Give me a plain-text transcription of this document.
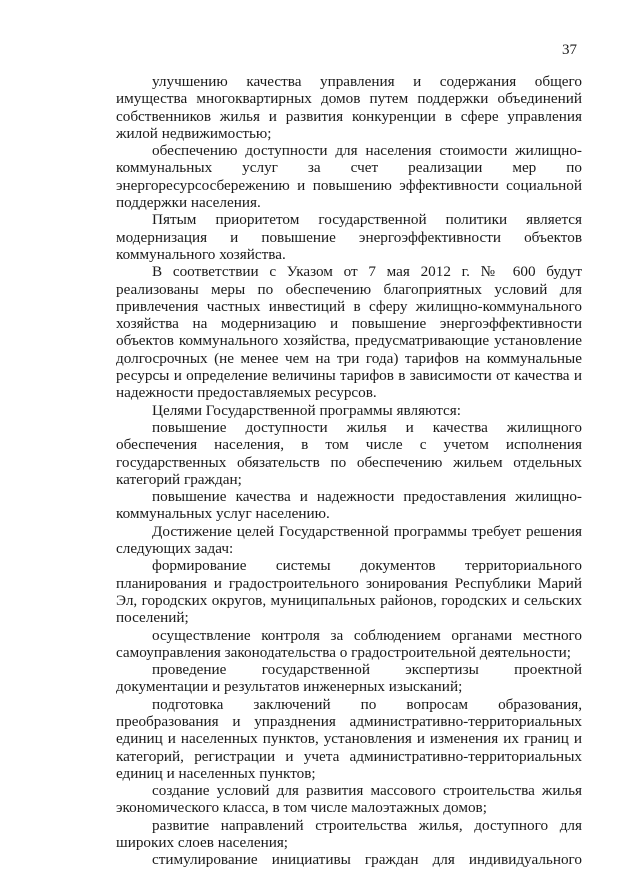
37

улучшению качества управления и содержания общего имущества многоквартирных домов путем поддержки объединений собственников жилья и развития конкуренции в сфере управления жилой недвижимостью;

обеспечению доступности для населения стоимости жилищно-коммунальных услуг за счет реализации мер по энергоресурсосбережению и повышению эффективности социальной поддержки населения.

Пятым приоритетом государственной политики является модернизация и повышение энергоэффективности объектов коммунального хозяйства.

В соответствии с Указом от 7 мая 2012 г. № 600 будут реализованы меры по обеспечению благоприятных условий для привлечения частных инвестиций в сферу жилищно-коммунального хозяйства на модернизацию и повышение энергоэффективности объектов коммунального хозяйства, предусматривающие установление долгосрочных (не менее чем на три года) тарифов на коммунальные ресурсы и определение величины тарифов в зависимости от качества и надежности предоставляемых ресурсов.

Целями Государственной программы являются:

повышение доступности жилья и качества жилищного обеспечения населения, в том числе с учетом исполнения государственных обязательств по обеспечению жильем отдельных категорий граждан;

повышение качества и надежности предоставления жилищно-коммунальных услуг населению.

Достижение целей Государственной программы требует решения следующих задач:

формирование системы документов территориального планирования и градостроительного зонирования Республики Марий Эл, городских округов, муниципальных районов, городских и сельских поселений;

осуществление контроля за соблюдением органами местного самоуправления законодательства о градостроительной деятельности;

проведение государственной экспертизы проектной документации и результатов инженерных изысканий;

подготовка заключений по вопросам образования, преобразования и упразднения административно-территориальных единиц и населенных пунктов, установления и изменения их границ и категорий, регистрации и учета административно-территориальных единиц и населенных пунктов;

создание условий для развития массового строительства жилья экономического класса, в том числе малоэтажных домов;

развитие направлений строительства жилья, доступного для широких слоев населения;

стимулирование инициативы граждан для индивидуального
